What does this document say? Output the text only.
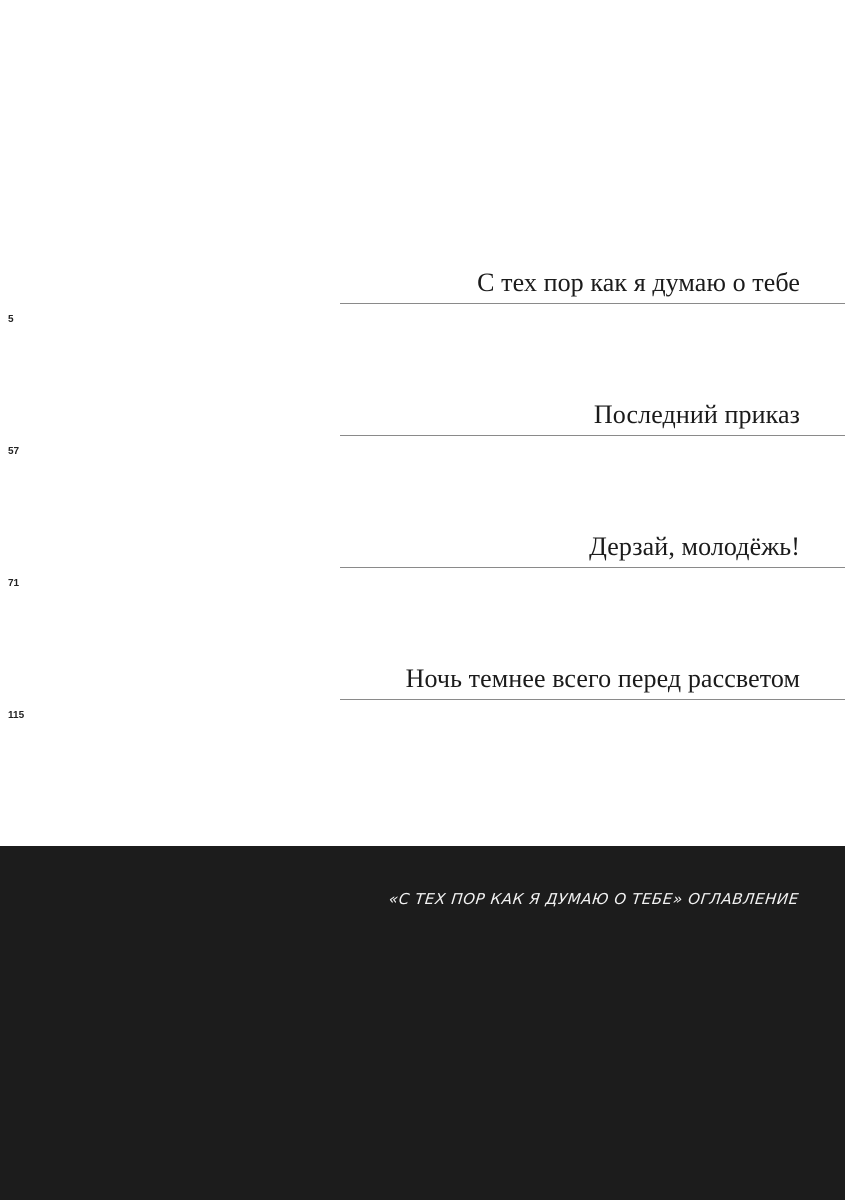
С тех пор как я думаю о тебе
5
Последний приказ
57
Дерзай, молодёжь!
71
Ночь темнее всего перед рассветом
115
«С ТЕХ ПОР КАК Я ДУМАЮ О ТЕБЕ» ОГЛАВЛЕНИЕ
